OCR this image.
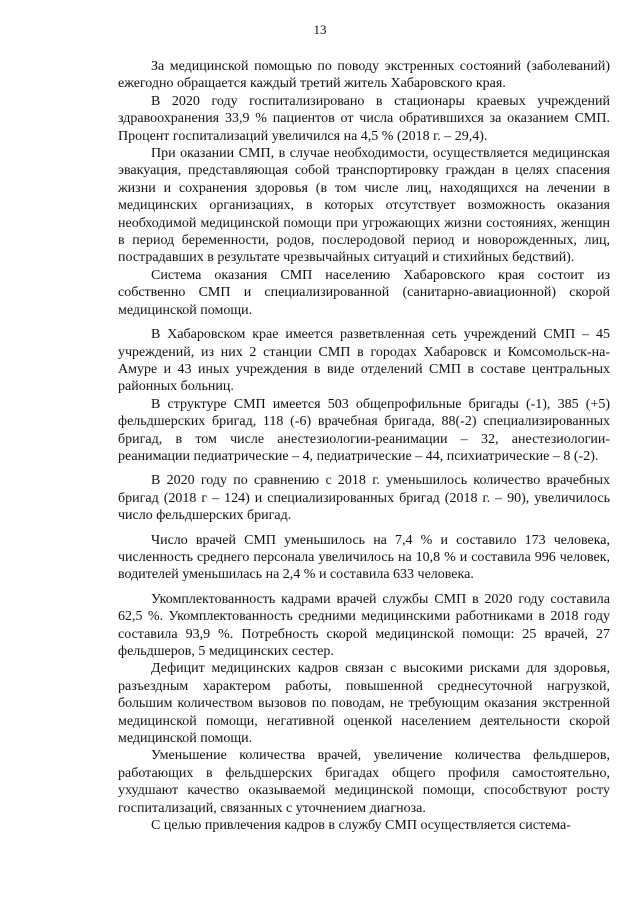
13

За медицинской помощью по поводу экстренных состояний (заболеваний) ежегодно обращается каждый третий житель Хабаровского края.

В 2020 году госпитализировано в стационары краевых учреждений здравоохранения 33,9 % пациентов от числа обратившихся за оказанием СМП. Процент госпитализаций увеличился на 4,5 % (2018 г. – 29,4).

При оказании СМП, в случае необходимости, осуществляется медицинская эвакуация, представляющая собой транспортировку граждан в целях спасения жизни и сохранения здоровья (в том числе лиц, находящихся на лечении в медицинских организациях, в которых отсутствует возможность оказания необходимой медицинской помощи при угрожающих жизни состояниях, женщин в период беременности, родов, послеродовой период и новорожденных, лиц, пострадавших в результате чрезвычайных ситуаций и стихийных бедствий).

Система оказания СМП населению Хабаровского края состоит из собственно СМП и специализированной (санитарно-авиационной) скорой медицинской помощи.

В Хабаровском крае имеется разветвленная сеть учреждений СМП – 45 учреждений, из них 2 станции СМП в городах Хабаровск и Комсомольск-на-Амуре и 43 иных учреждения в виде отделений СМП в составе центральных районных больниц.

В структуре СМП имеется 503 общепрофильные бригады (-1), 385 (+5) фельдшерских бригад, 118 (-6) врачебная бригада, 88(-2) специализированных бригад, в том числе анестезиологии-реанимации – 32, анестезиологии-реанимации педиатрические – 4, педиатрические – 44, психиатрические – 8 (-2).

В 2020 году по сравнению с 2018 г. уменьшилось количество врачебных бригад (2018 г – 124) и специализированных бригад (2018 г. – 90), увеличилось число фельдшерских бригад.

Число врачей СМП уменьшилось на 7,4 % и составило 173 человека, численность среднего персонала увеличилось на 10,8 % и составила 996 человек, водителей уменьшилась на 2,4 % и составила 633 человека.

Укомплектованность кадрами врачей службы СМП в 2020 году составила 62,5 %. Укомплектованность средними медицинскими работниками в 2018 году составила 93,9 %. Потребность скорой медицинской помощи: 25 врачей, 27 фельдшеров, 5 медицинских сестер.

Дефицит медицинских кадров связан с высокими рисками для здоровья, разъездным характером работы, повышенной среднесуточной нагрузкой, большим количеством вызовов по поводам, не требующим оказания экстренной медицинской помощи, негативной оценкой населением деятельности скорой медицинской помощи.

Уменьшение количества врачей, увеличение количества фельдшеров, работающих в фельдшерских бригадах общего профиля самостоятельно, ухудшают качество оказываемой медицинской помощи, способствуют росту госпитализаций, связанных с уточнением диагноза.

С целью привлечения кадров в службу СМП осуществляется система-
